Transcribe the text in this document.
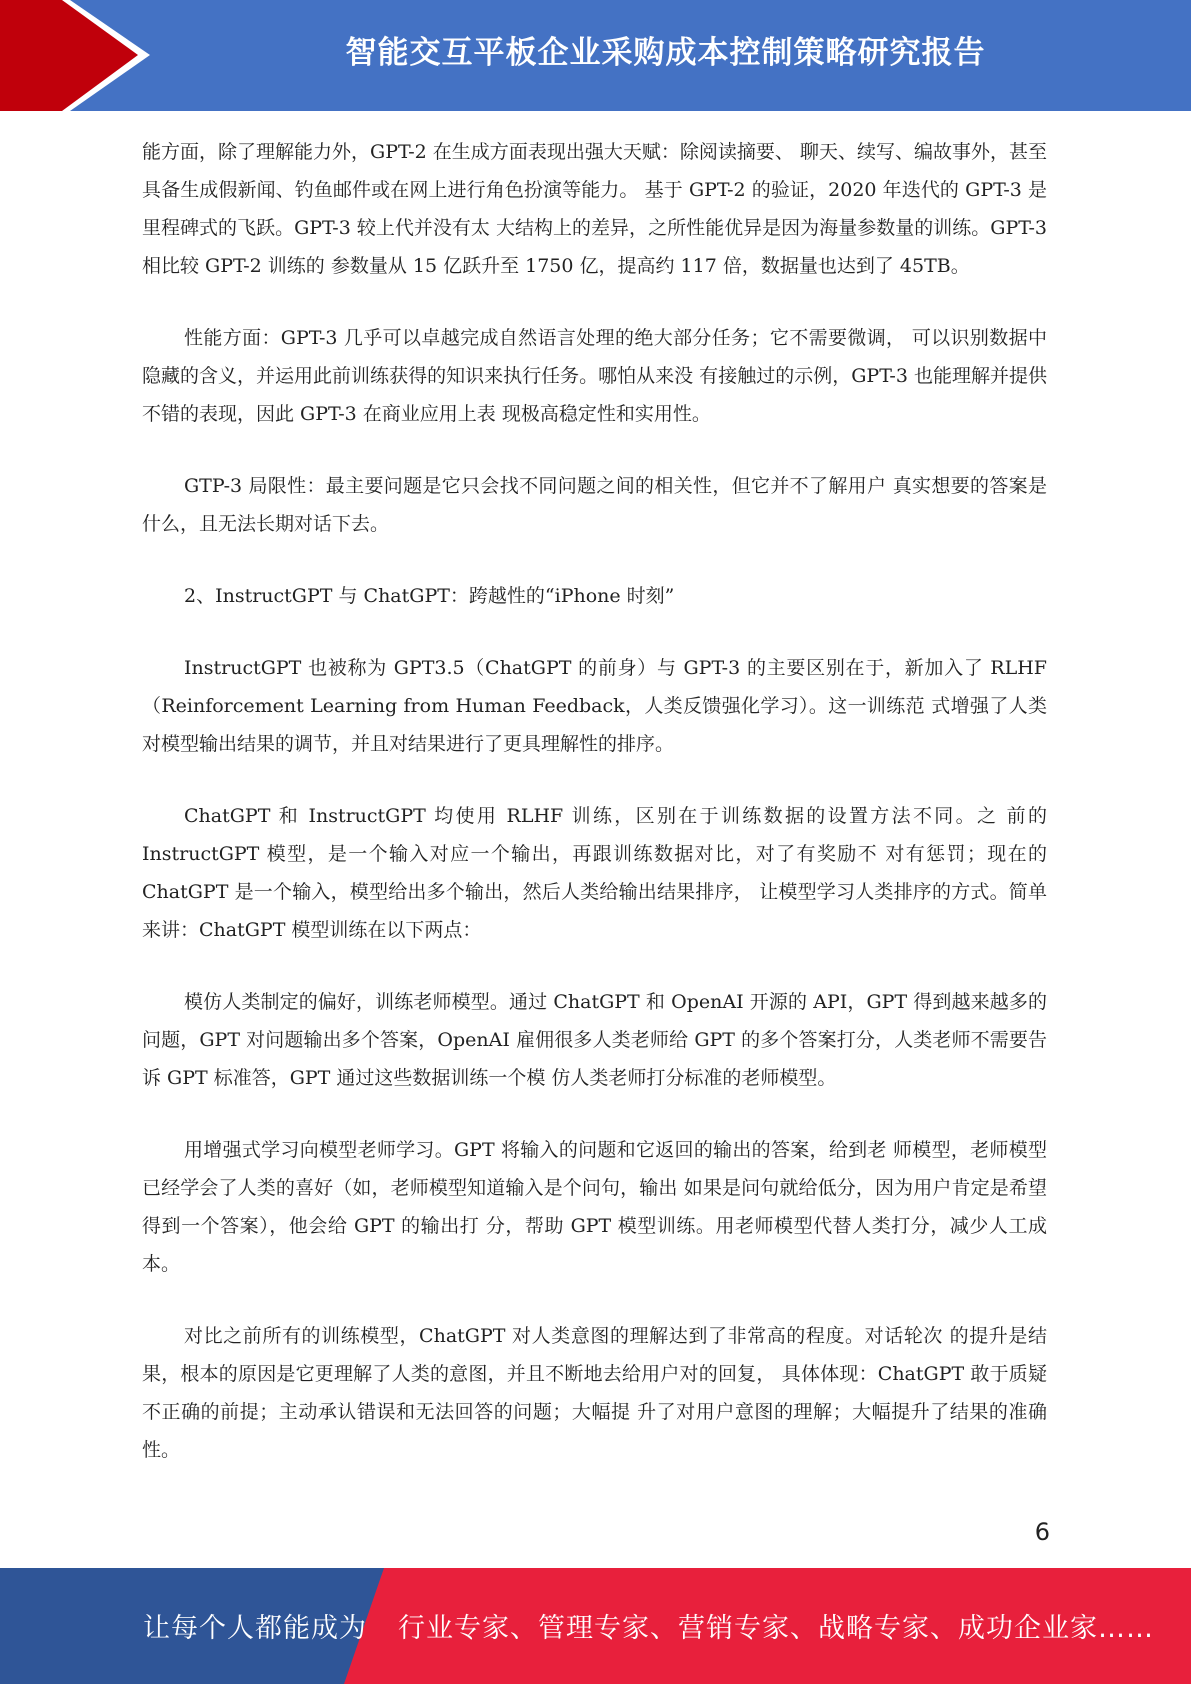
智能交互平板企业采购成本控制策略研究报告

能方面，除了理解能力外，GPT-2 在生成方面表现出强大天赋：除阅读摘要、 聊天、续写、编故事外，甚至具备生成假新闻、钓鱼邮件或在网上进行角色扮演等能力。 基于 GPT-2 的验证，2020 年迭代的 GPT-3 是里程碑式的飞跃。GPT-3 较上代并没有太 大结构上的差异，之所性能优异是因为海量参数量的训练。GPT-3 相比较 GPT-2 训练的 参数量从 15 亿跃升至 1750 亿，提高约 117 倍，数据量也达到了 45TB。

性能方面：GPT-3 几乎可以卓越完成自然语言处理的绝大部分任务；它不需要微调， 可以识别数据中隐藏的含义，并运用此前训练获得的知识来执行任务。哪怕从来没 有接触过的示例，GPT-3 也能理解并提供不错的表现，因此 GPT-3 在商业应用上表 现极高稳定性和实用性。

GTP-3 局限性：最主要问题是它只会找不同问题之间的相关性，但它并不了解用户 真实想要的答案是什么，且无法长期对话下去。

2、InstructGPT 与 ChatGPT：跨越性的“iPhone 时刻”

InstructGPT 也被称为 GPT3.5（ChatGPT 的前身）与 GPT-3 的主要区别在于，新加入了 RLHF（Reinforcement Learning from Human Feedback，人类反馈强化学习）。这一训练范 式增强了人类对模型输出结果的调节，并且对结果进行了更具理解性的排序。

ChatGPT 和 InstructGPT 均使用 RLHF 训练，区别在于训练数据的设置方法不同。之 前的 InstructGPT 模型，是一个输入对应一个输出，再跟训练数据对比，对了有奖励不 对有惩罚；现在的 ChatGPT 是一个输入，模型给出多个输出，然后人类给输出结果排序， 让模型学习人类排序的方式。简单来讲：ChatGPT 模型训练在以下两点：

模仿人类制定的偏好，训练老师模型。通过 ChatGPT 和 OpenAI 开源的 API，GPT 得到越来越多的问题，GPT 对问题输出多个答案，OpenAI 雇佣很多人类老师给 GPT 的多个答案打分，人类老师不需要告诉 GPT 标准答，GPT 通过这些数据训练一个模 仿人类老师打分标准的老师模型。

用增强式学习向模型老师学习。GPT 将输入的问题和它返回的输出的答案，给到老 师模型，老师模型已经学会了人类的喜好（如，老师模型知道输入是个问句，输出 如果是问句就给低分，因为用户肯定是希望得到一个答案），他会给 GPT 的输出打 分，帮助 GPT 模型训练。用老师模型代替人类打分，减少人工成本。

对比之前所有的训练模型，ChatGPT 对人类意图的理解达到了非常高的程度。对话轮次 的提升是结果，根本的原因是它更理解了人类的意图，并且不断地去给用户对的回复， 具体体现：ChatGPT 敢于质疑不正确的前提；主动承认错误和无法回答的问题；大幅提 升了对用户意图的理解；大幅提升了结果的准确性。

6
让每个人都能成为 行业专家、管理专家、营销专家、战略专家、成功企业家……
